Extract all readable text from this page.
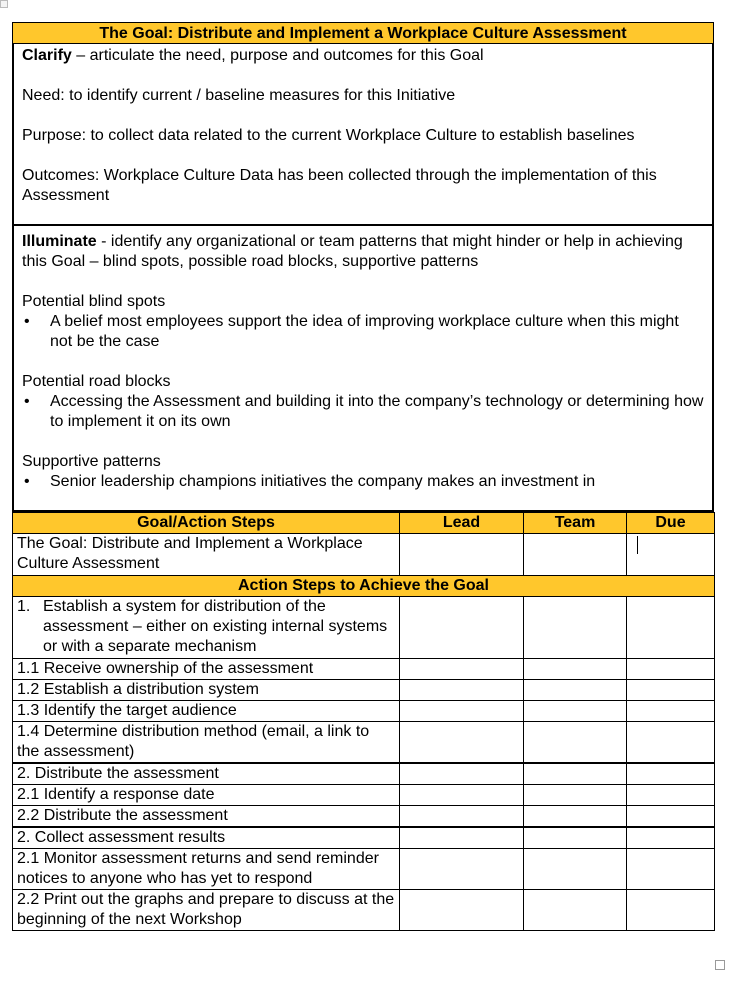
The Goal: Distribute and Implement a Workplace Culture Assessment

Clarify – articulate the need, purpose and outcomes for this Goal

Need: to identify current / baseline measures for this Initiative

Purpose: to collect data related to the current Workplace Culture to establish baselines

Outcomes: Workplace Culture Data has been collected through the implementation of this Assessment

Illuminate - identify any organizational or team patterns that might hinder or help in achieving this Goal – blind spots, possible road blocks, supportive patterns

Potential blind spots

•	A belief most employees support the idea of improving workplace culture when this might not be the case

Potential road blocks

•	Accessing the Assessment and building it into the company’s technology or determining how to implement it on its own

Supportive patterns

•	Senior leadership champions initiatives the company makes an investment in
Goal/Action Steps	Lead	Team	Due
The Goal: Distribute and Implement a Workplace Culture Assessment			
Action Steps to Achieve the Goal			

1. Establish a system for distribution of the assessment – either on existing internal systems or with a separate mechanism			

1.1 Receive ownership of the assessment			
1.2 Establish a distribution system			
1.3 Identify the target audience			
1.4 Determine distribution method (email, a link to the assessment)			
2. Distribute the assessment			
2.1 Identify a response date			
2.2 Distribute the assessment			
2. Collect assessment results			
2.1 Monitor assessment returns and send reminder notices to anyone who has yet to respond			
2.2 Print out the graphs and prepare to discuss at the beginning of the next Workshop			
